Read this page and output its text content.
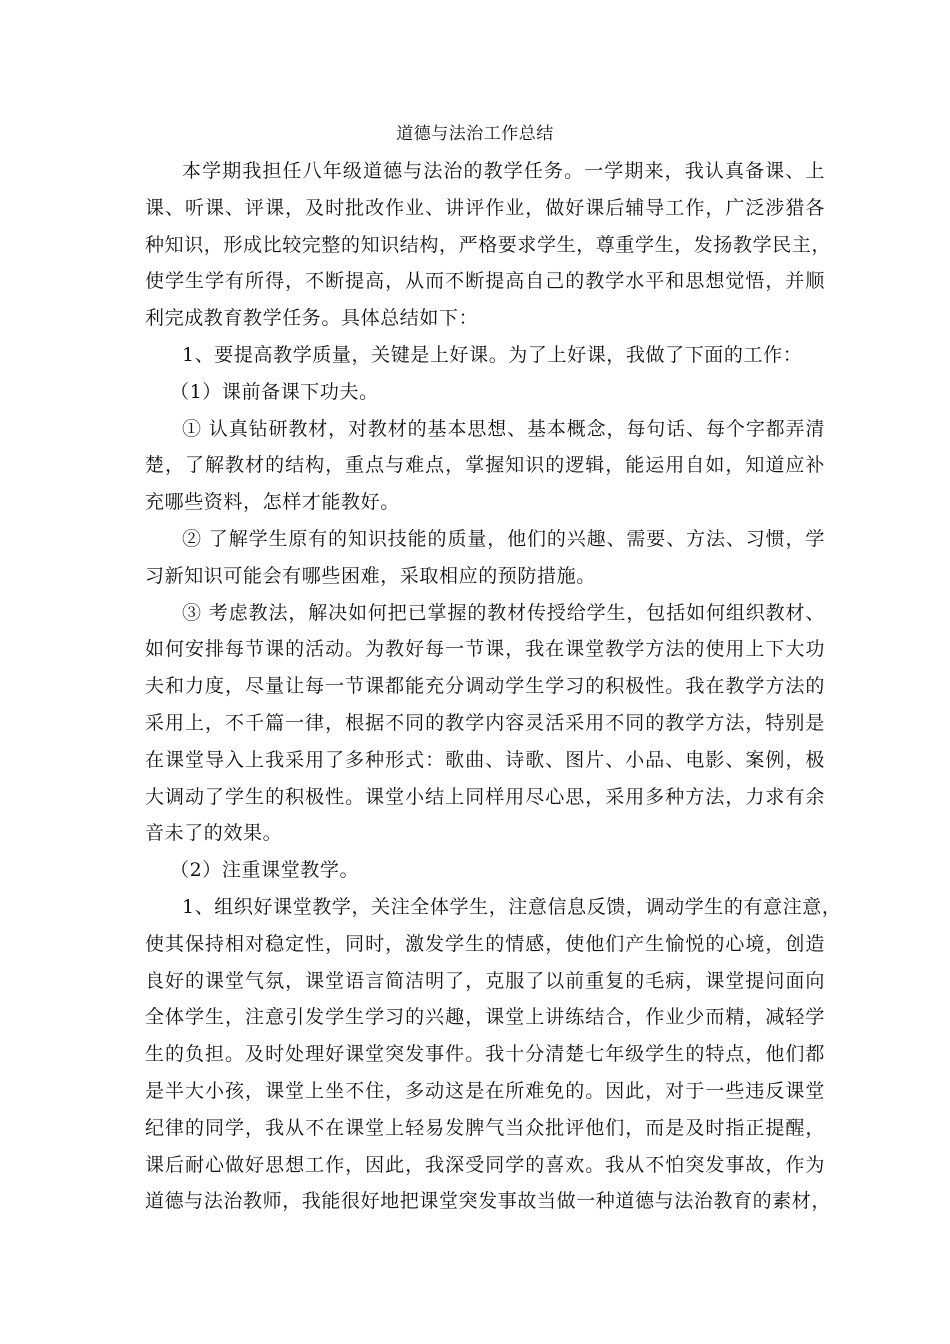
道德与法治工作总结
本学期我担任八年级道德与法治的教学任务。一学期来，我认真备课、上
课、听课、评课，及时批改作业、讲评作业，做好课后辅导工作，广泛涉猎各
种知识，形成比较完整的知识结构，严格要求学生，尊重学生，发扬教学民主，
使学生学有所得，不断提高，从而不断提高自己的教学水平和思想觉悟，并顺
利完成教育教学任务。具体总结如下：
1、要提高教学质量，关键是上好课。为了上好课，我做了下面的工作：
（1）课前备课下功夫。
① 认真钻研教材，对教材的基本思想、基本概念，每句话、每个字都弄清
楚，了解教材的结构，重点与难点，掌握知识的逻辑，能运用自如，知道应补
充哪些资料，怎样才能教好。
② 了解学生原有的知识技能的质量，他们的兴趣、需要、方法、习惯，学
习新知识可能会有哪些困难，采取相应的预防措施。
③ 考虑教法，解决如何把已掌握的教材传授给学生，包括如何组织教材、
如何安排每节课的活动。为教好每一节课，我在课堂教学方法的使用上下大功
夫和力度，尽量让每一节课都能充分调动学生学习的积极性。我在教学方法的
采用上，不千篇一律，根据不同的教学内容灵活采用不同的教学方法，特别是
在课堂导入上我采用了多种形式：歌曲、诗歌、图片、小品、电影、案例，极
大调动了学生的积极性。课堂小结上同样用尽心思，采用多种方法，力求有余
音未了的效果。
（2）注重课堂教学。
1、组织好课堂教学，关注全体学生，注意信息反馈，调动学生的有意注意，
使其保持相对稳定性，同时，激发学生的情感，使他们产生愉悦的心境，创造
良好的课堂气氛，课堂语言简洁明了，克服了以前重复的毛病，课堂提问面向
全体学生，注意引发学生学习的兴趣，课堂上讲练结合，作业少而精，减轻学
生的负担。及时处理好课堂突发事件。我十分清楚七年级学生的特点，他们都
是半大小孩，课堂上坐不住，多动这是在所难免的。因此，对于一些违反课堂
纪律的同学，我从不在课堂上轻易发脾气当众批评他们，而是及时指正提醒，
课后耐心做好思想工作，因此，我深受同学的喜欢。我从不怕突发事故，作为
道德与法治教师，我能很好地把课堂突发事故当做一种道德与法治教育的素材，
